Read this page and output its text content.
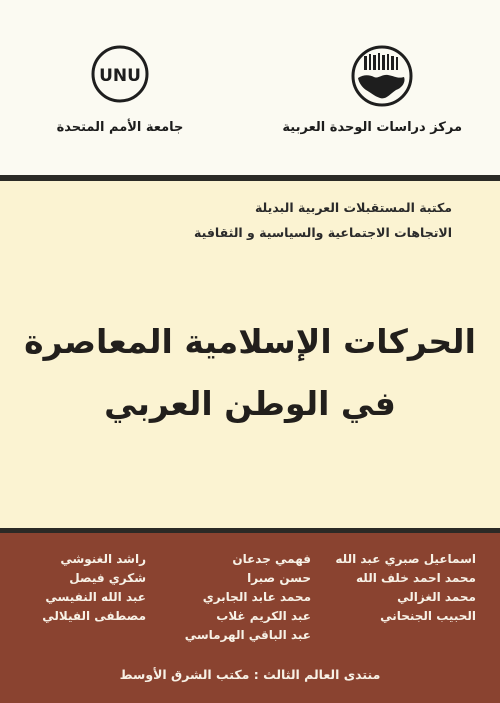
مركز دراسات الوحدة العربية
UNU
جامعة الأمم المتحدة
مكتبة المستقبلات العربية البديلة
الاتجاهات الاجتماعية والسياسية و الثقافية
الحركات الإسلامية المعاصرة
في الوطن العربي
اسماعيل صبري عبد الله
محمد احمد خلف الله
محمد الغزالي
الحبيب الجنحاني
فهمي جدعان
حسن صبرا
محمد عابد الجابري
عبد الكريم غلاب
عبد الباقي الهرماسي
راشد الغنوشي
شكري فيصل
عبد الله النفيسي
مصطفى الفيلالي
منتدى العالم الثالث : مكتب الشرق الأوسط
